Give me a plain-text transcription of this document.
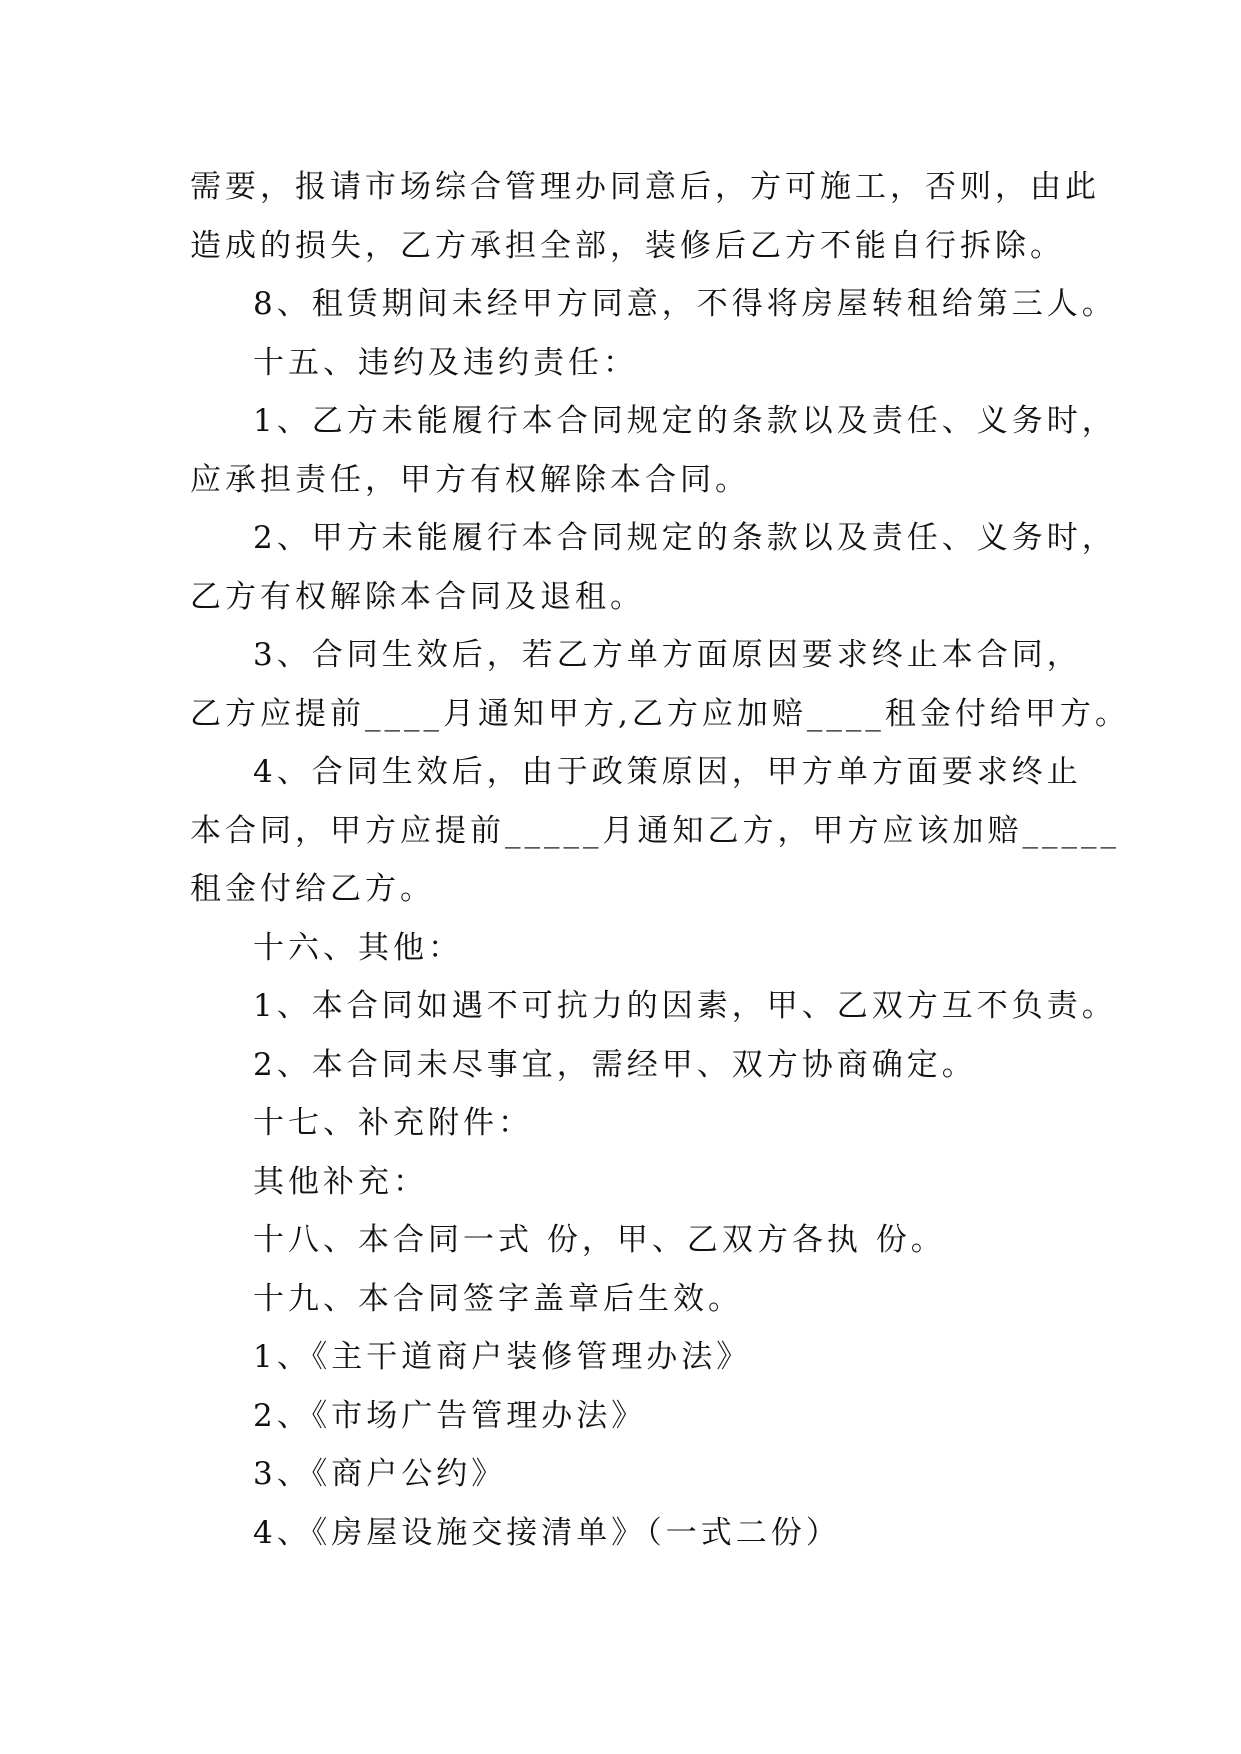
需要，报请市场综合管理办同意后，方可施工，否则，由此
造成的损失，乙方承担全部，装修后乙方不能自行拆除。
8、租赁期间未经甲方同意，不得将房屋转租给第三人。
十五、违约及违约责任：
1、乙方未能履行本合同规定的条款以及责任、义务时，
应承担责任，甲方有权解除本合同。
2、甲方未能履行本合同规定的条款以及责任、义务时，
乙方有权解除本合同及退租。
3、合同生效后，若乙方单方面原因要求终止本合同，
乙方应提前____月通知甲方,乙方应加赔____租金付给甲方。
4、合同生效后，由于政策原因，甲方单方面要求终止
本合同，甲方应提前_____月通知乙方，甲方应该加赔_____
租金付给乙方。
十六、其他：
1、本合同如遇不可抗力的因素，甲、乙双方互不负责。
2、本合同未尽事宜，需经甲、双方协商确定。
十七、补充附件：
其他补充：
十八、本合同一式 份，甲、乙双方各执 份。
十九、本合同签字盖章后生效。
1、《主干道商户装修管理办法》
2、《市场广告管理办法》
3、《商户公约》
4、《房屋设施交接清单》（一式二份）
